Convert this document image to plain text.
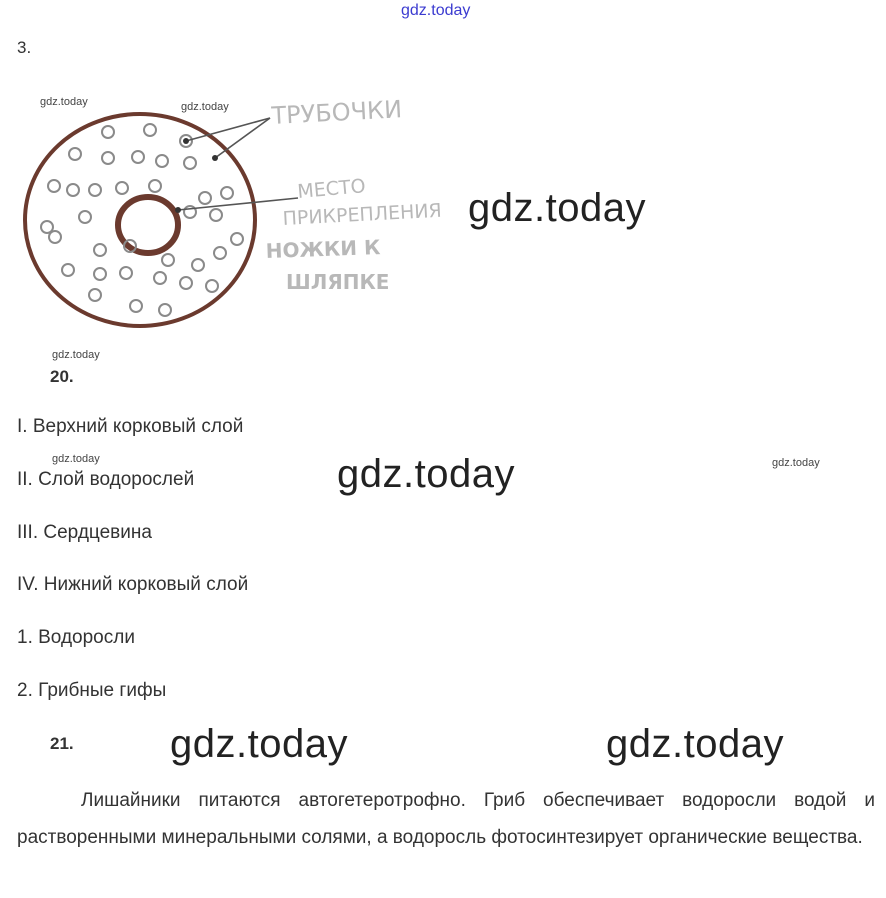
gdz.today
3.
gdz.today	gdz.today ТРУБОЧКИ
МЕСТО
ПРИКРЕПЛЕНИЯ
НОЖКИ К
ШЛЯПКЕ
gdz.today
gdz.today
20.
I. Верхний корковый слой
gdz.today
II. Слой водорослей	gdz.today	gdz.today
III. Сердцевина
IV. Нижний корковый слой
1. Водоросли
2. Грибные гифы
21. gdz.today	gdz.today
Лишайники питаются автогетеротрофно. Гриб обеспечивает водоросли водой и растворенными минеральными солями, а водоросль фотосинтезирует органические вещества.
